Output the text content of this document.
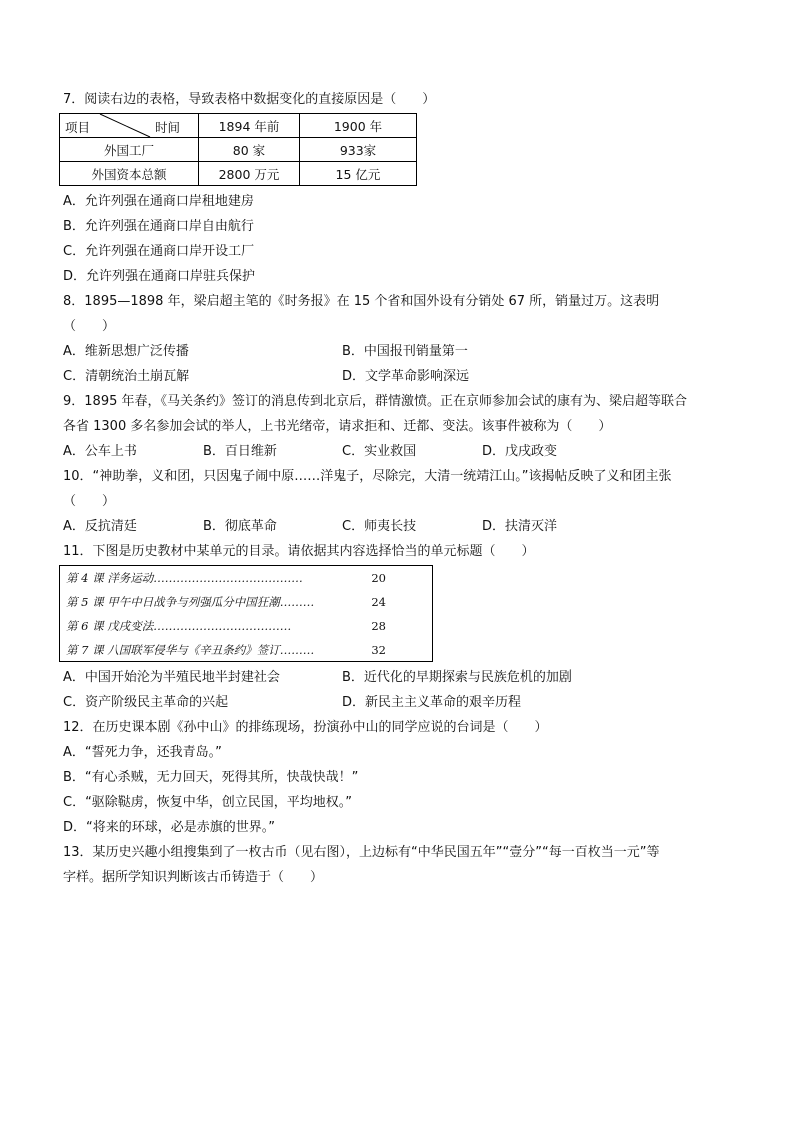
7．阅读右边的表格，导致表格中数据变化的直接原因是（　　）
项目 时间	1894 年前	1900 年
外国工厂	80 家	933家
外国资本总额	2800 万元	15 亿元
A．允许列强在通商口岸租地建房
B．允许列强在通商口岸自由航行
C．允许列强在通商口岸开设工厂
D．允许列强在通商口岸驻兵保护
8．1895—1898 年，梁启超主笔的《时务报》在 15 个省和国外设有分销处 67 所，销量过万。这表明
（　　）
A．维新思想广泛传播	B．中国报刊销量第一
C．清朝统治土崩瓦解	D．文学革命影响深远
9．1895 年春，《马关条约》签订的消息传到北京后，群情激愤。正在京师参加会试的康有为、梁启超等联合
各省 1300 多名参加会试的举人，上书光绪帝，请求拒和、迁都、变法。该事件被称为（　　）
A．公车上书	B．百日维新	C．实业救国	D．戊戌政变
10．“神助拳，义和团，只因鬼子闹中原……洋鬼子，尽除完，大清一统靖江山。”该揭帖反映了义和团主张
（　　）
A．反抗清廷	B．彻底革命	C．师夷长技	D．扶清灭洋
11．下图是历史教材中某单元的目录。请依据其内容选择恰当的单元标题（　　）
第 4 课 洋务运动…………………………………	20
第 5 课 甲午中日战争与列强瓜分中国狂潮………	24
第 6 课 戊戌变法………………………………	28
第 7 课 八国联军侵华与《辛丑条约》签订………	32
A．中国开始沦为半殖民地半封建社会	B．近代化的早期探索与民族危机的加剧
C．资产阶级民主革命的兴起	D．新民主主义革命的艰辛历程
12．在历史课本剧《孙中山》的排练现场，扮演孙中山的同学应说的台词是（　　）
A．“誓死力争，还我青岛。”
B．“有心杀贼，无力回天，死得其所，快哉快哉！”
C．“驱除鞑虏，恢复中华，创立民国，平均地权。”
D．“将来的环球，必是赤旗的世界。”
13．某历史兴趣小组搜集到了一枚古币（见右图），上边标有“中华民国五年”“壹分”“每一百枚当一元”等
字样。据所学知识判断该古币铸造于（　　）
